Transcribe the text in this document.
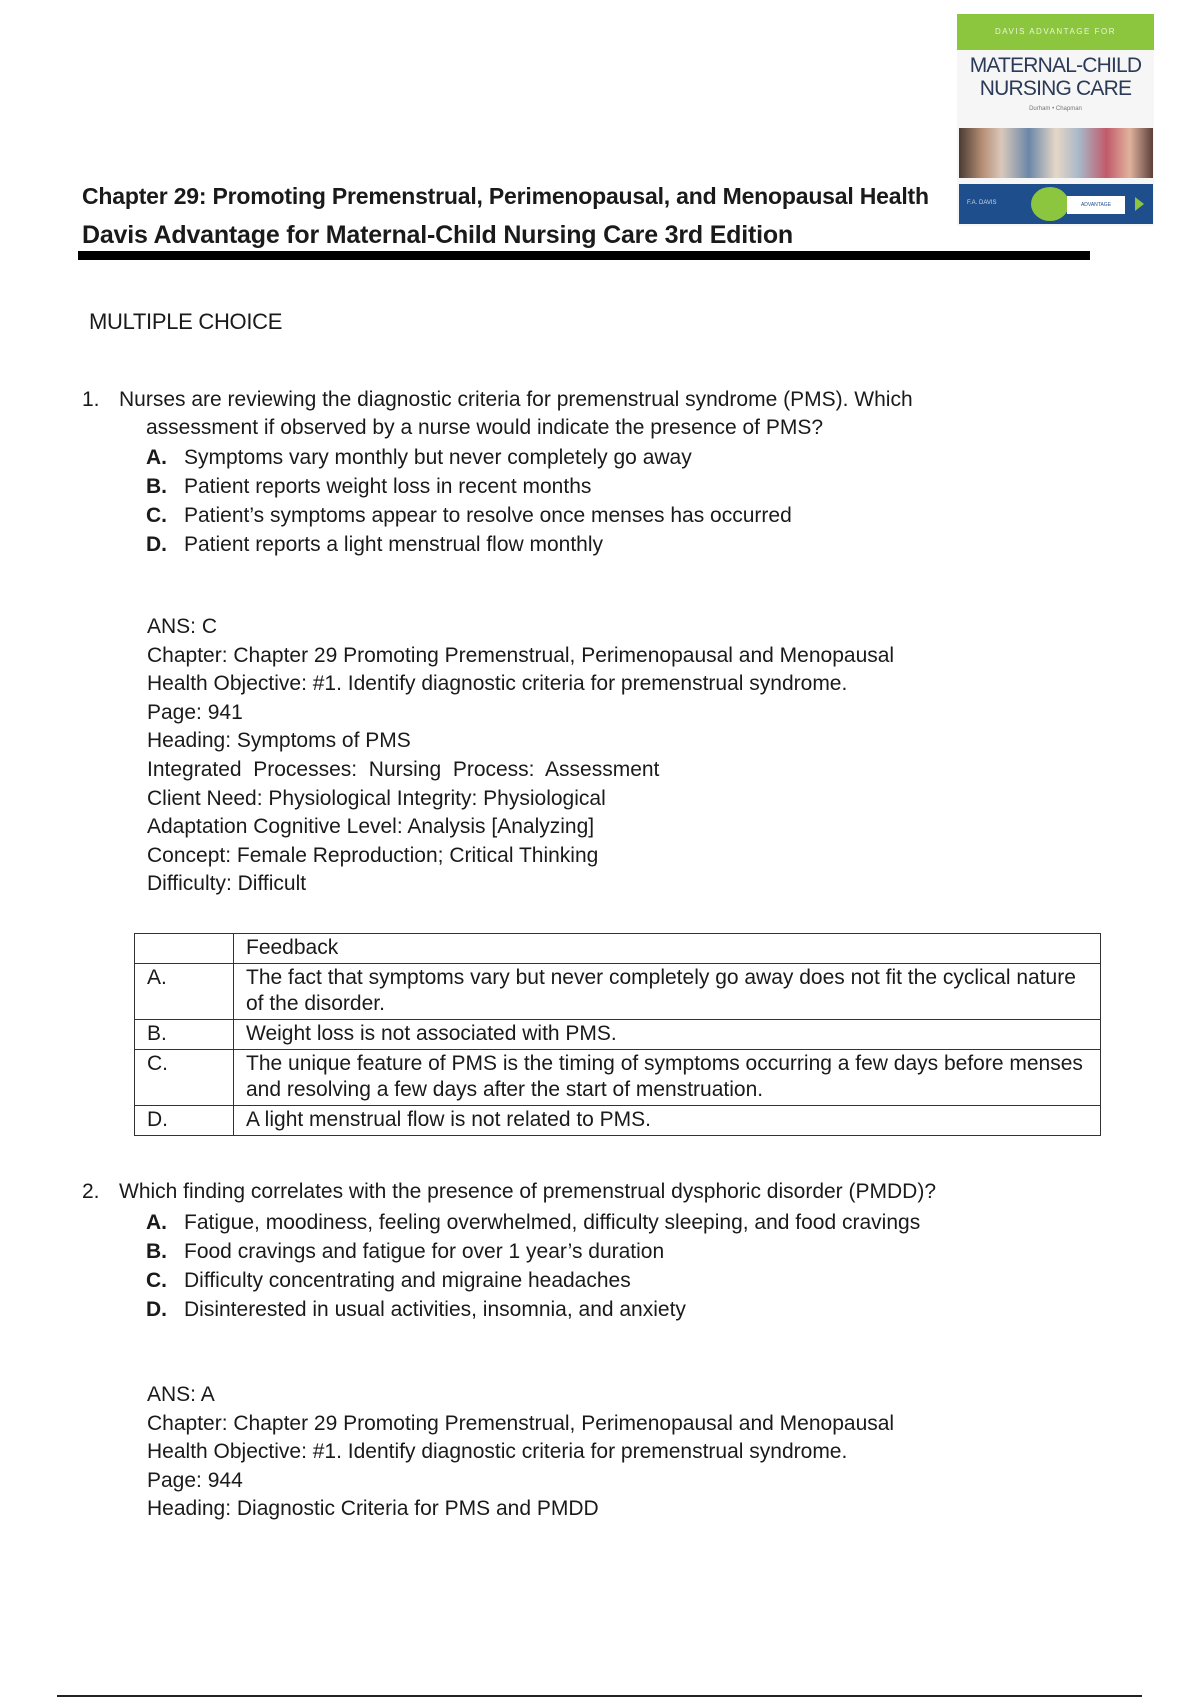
DAVIS ADVANTAGE FOR
MATERNAL-CHILD
NURSING CARE
Durham • Chapman
F.A. DAVIS	ADVANTAGE
Chapter 29: Promoting Premenstrual, Perimenopausal, and Menopausal Health
Davis Advantage for Maternal-Child Nursing Care 3rd Edition
MULTIPLE CHOICE
1. Nurses are reviewing the diagnostic criteria for premenstrual syndrome (PMS). Which
assessment if observed by a nurse would indicate the presence of PMS?
A. Symptoms vary monthly but never completely go away
B. Patient reports weight loss in recent months
C. Patient’s symptoms appear to resolve once menses has occurred
D. Patient reports a light menstrual flow monthly
ANS: C
Chapter: Chapter 29 Promoting Premenstrual, Perimenopausal and Menopausal
Health Objective: #1. Identify diagnostic criteria for premenstrual syndrome.
Page: 941
Heading: Symptoms of PMS
Integrated  Processes:  Nursing  Process:  Assessment
Client Need: Physiological Integrity: Physiological
Adaptation Cognitive Level: Analysis [Analyzing]
Concept: Female Reproduction; Critical Thinking
Difficulty: Difficult
	Feedback
A.	The fact that symptoms vary but never completely go away does not fit the cyclical nature of the disorder.
B.	Weight loss is not associated with PMS.
C.	The unique feature of PMS is the timing of symptoms occurring a few days before menses and resolving a few days after the start of menstruation.
D.	A light menstrual flow is not related to PMS.
2. Which finding correlates with the presence of premenstrual dysphoric disorder (PMDD)?
A. Fatigue, moodiness, feeling overwhelmed, difficulty sleeping, and food cravings
B. Food cravings and fatigue for over 1 year’s duration
C. Difficulty concentrating and migraine headaches
D. Disinterested in usual activities, insomnia, and anxiety
ANS: A
Chapter: Chapter 29 Promoting Premenstrual, Perimenopausal and Menopausal
Health Objective: #1. Identify diagnostic criteria for premenstrual syndrome.
Page: 944
Heading: Diagnostic Criteria for PMS and PMDD
